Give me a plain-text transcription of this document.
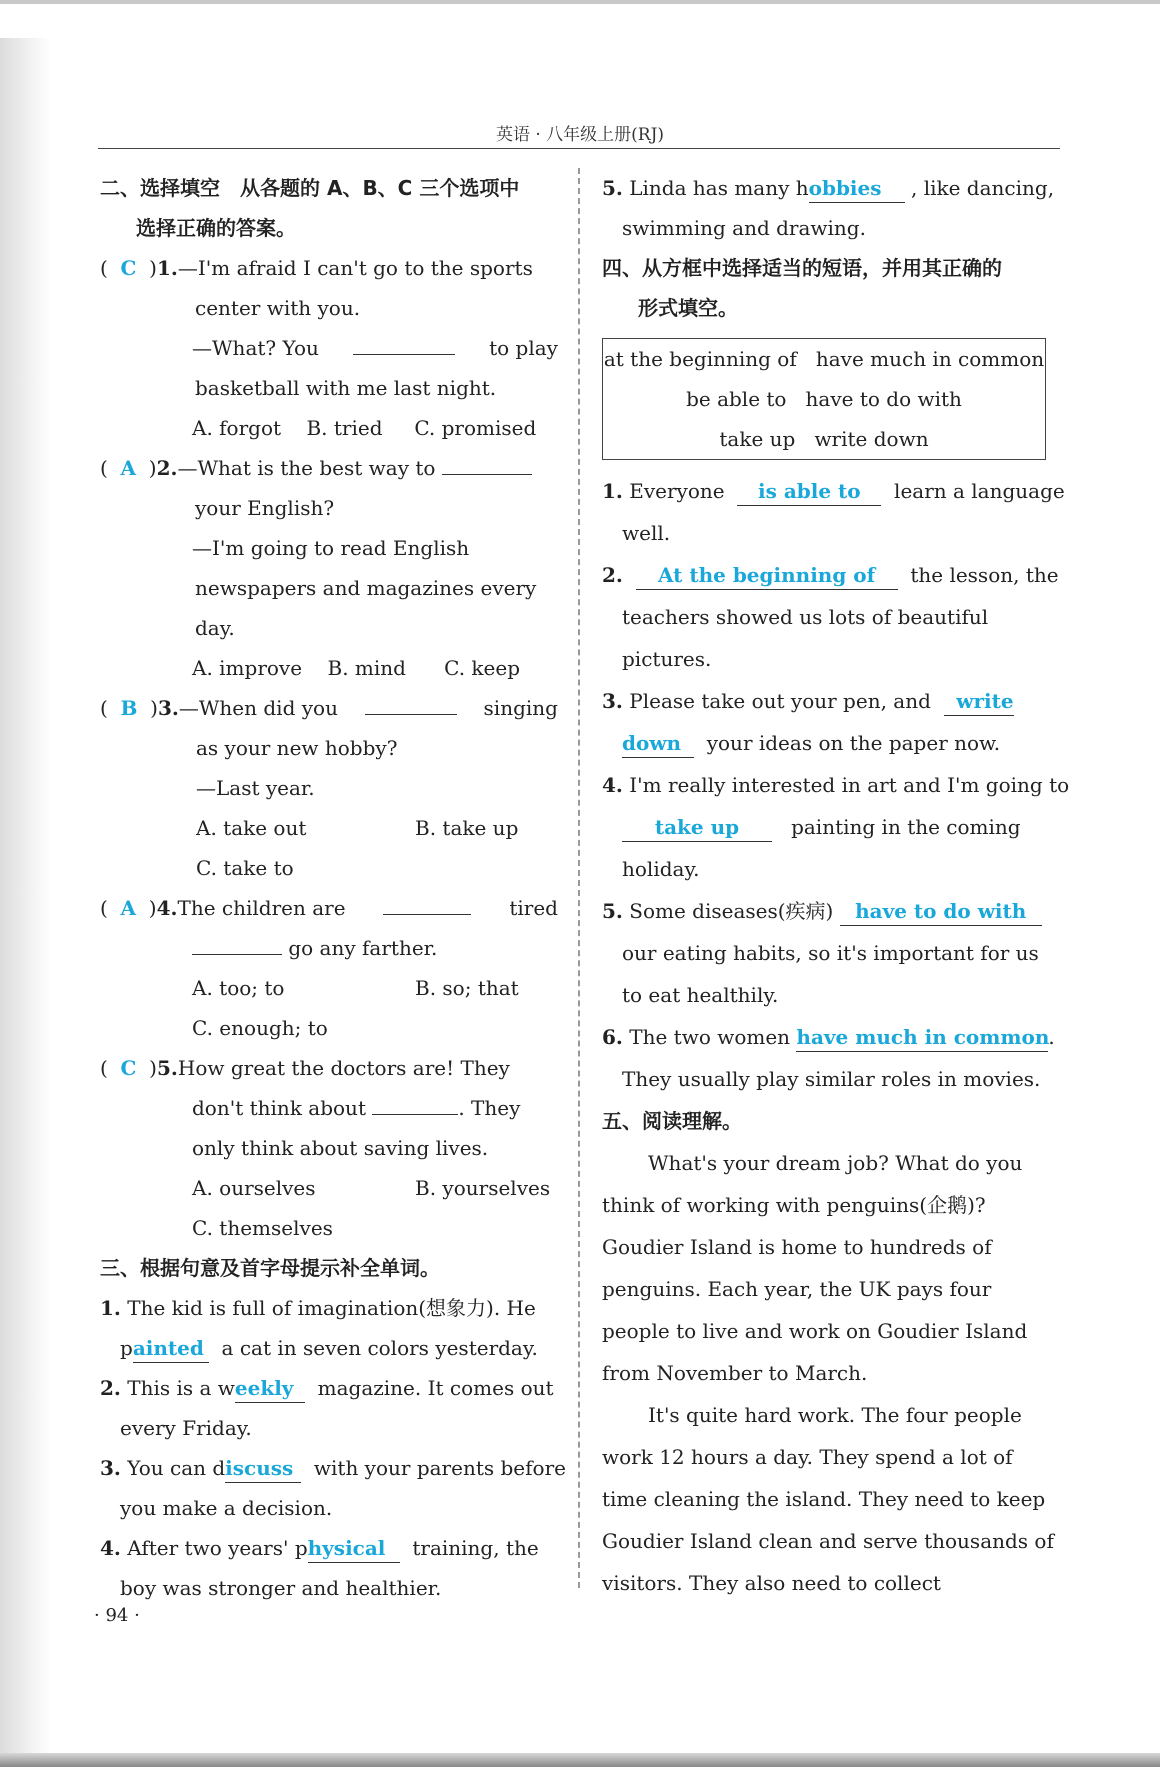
英语 · 八年级上册(RJ)
二、选择填空　从各题的 A、B、C 三个选项中
选择正确的答案。
(  C  )1.—I'm afraid I can't go to the sports
center with you.
—What? You	to play
basketball with me last night.
A. forgot B. tried C. promised
(  A  )2.—What is the best way to
your English?
—I'm going to read English
newspapers and magazines every
day.
A. improve B. mind C. keep
(  B  )3.—When did you	singing
as your new hobby?
—Last year.
A. take out	B. take up
C. take to
(  A  )4.The children are	tired
go any farther.
A. too; to	B. so; that
C. enough; to
(  C  )5.How great the doctors are! They
don't think about	. They
only think about saving lives.
A. ourselves	B. yourselves
C. themselves
三、根据句意及首字母提示补全单词。
1. The kid is full of imagination(想象力). He
painted a cat in seven colors yesterday.
2. This is a weekly magazine. It comes out
every Friday.
3. You can discuss with your parents before
you make a decision.
4. After two years' physical training, the
boy was stronger and healthier.
5. Linda has many hobbies , like dancing,
swimming and drawing.
四、从方框中选择适当的短语，并用其正确的
形式填空。
at the beginning of have much in common
be able to have to do with
take up write down
1. Everyone is able to learn a language
well.
2. At the beginning of the lesson, the
teachers showed us lots of beautiful
pictures.
3. Please take out your pen, and write
down your ideas on the paper now.
4. I'm really interested in art and I'm going to
take up	painting in the coming
holiday.
5. Some diseases(疾病) have to do with
our eating habits, so it's important for us
to eat healthily.
6. The two women have much in common.
They usually play similar roles in movies.
五、阅读理解。
What's your dream job? What do you
think of working with penguins(企鹅)?
Goudier Island is home to hundreds of
penguins. Each year, the UK pays four
people to live and work on Goudier Island
from November to March.
It's quite hard work. The four people
work 12 hours a day. They spend a lot of
time cleaning the island. They need to keep
Goudier Island clean and serve thousands of
visitors. They also need to collect
· 94 ·
